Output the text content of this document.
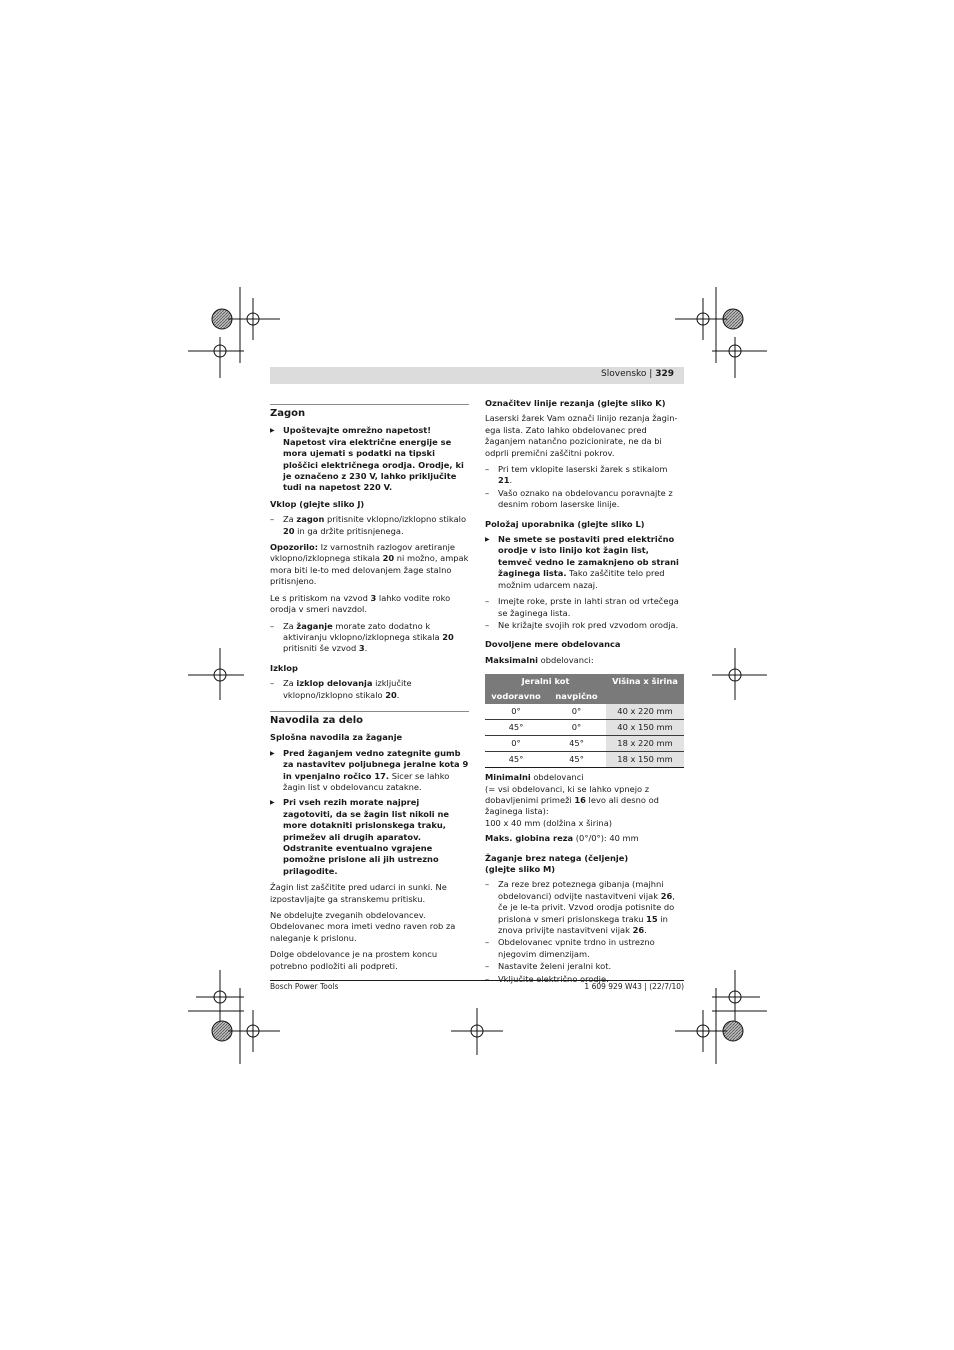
Slovensko | 329
Zagon
▶ Upoštevajte omrežno napetost! Napetost vira električne energije se mora ujemati s podatki na tipski ploščici električnega orodja. Orodje, ki je označeno z 230 V, lahko priključite tudi na napetost 220 V.
Vklop (glejte sliko J)
– Za zagon pritisnite vklopno/izklopno stikalo 20 in ga držite pritisnjenega.

Opozorilo: Iz varnostnih razlogov aretiranje vklopno/izklopnega stikala 20 ni možno, ampak mora biti le-to med delovanjem žage stalno pritisnjeno.

Le s pritiskom na vzvod 3 lahko vodite roko orodja v smeri navzdol.

– Za žaganje morate zato dodatno k aktiviranju vklopno/izklopnega stikala 20 pritisniti še vzvod 3.
Izklop
– Za izklop delovanja izključite vklopno/izklopno stikalo 20.
Navodila za delo
Splošna navodila za žaganje
▶ Pred žaganjem vedno zategnite gumb za nastavitev poljubnega jeralne kota 9 in vpenjalno ročico 17. Sicer se lahko žagin list v obdelovancu zatakne.
▶ Pri vseh rezih morate najprej zagotoviti, da se žagin list nikoli ne more dotakniti prislonskega traku, primežev ali drugih aparatov. Odstranite eventualno vgrajene pomožne prislone ali jih ustrezno prilagodite.

Žagin list zaščitite pred udarci in sunki. Ne izpostavljajte ga stranskemu pritisku.

Ne obdelujte zveganih obdelovancev. Obdelovanec mora imeti vedno raven rob za naleganje k prislonu.

Dolge obdelovance je na prostem koncu potrebno podložiti ali podpreti.

Označitev linije rezanja (glejte sliko K)

Laserski žarek Vam označi linijo rezanja žaginega lista. Zato lahko obdelovanec pred žaganjem natančno pozicionirate, ne da bi odprli premični zaščitni pokrov.

– Pri tem vklopite laserski žarek s stikalom 21.
– Vašo oznako na obdelovancu poravnajte z desnim robom laserske linije.
Položaj uporabnika (glejte sliko L)
▶ Ne smete se postaviti pred električno orodje v isto linijo kot žagin list, temveč vedno le zamaknjeno ob strani žaginega lista. Tako zaščitite telo pred možnim udarcem nazaj.
– Imejte roke, prste in lahti stran od vrtečega se žaginega lista.
– Ne križajte svojih rok pred vzvodom orodja.
Dovoljene mere obdelovanca

Maksimalni obdelovanci:

Jeralni kot		Višina x širina
vodoravno	navpično	
0°	0°	40 x 220 mm
45°	0°	40 x 150 mm
0°	45°	18 x 220 mm
45°	45°	18 x 150 mm

Minimalni obdelovanci
(= vsi obdelovanci, ki se lahko vpnejo z dobavljenimi primeži 16 levo ali desno od žaginega lista):
100 x 40 mm (dolžina x širina)

Maks. globina reza (0°/0°): 40 mm

Žaganje brez nategа (čeljenje)
(glejte sliko M)
– Za reze brez poteznega gibanja (majhni obdelovanci) odvijte nastavitveni vijak 26, če je le-ta privit. Vzvod orodja potisnite do prislona v smeri prislonskega traku 15 in znova privijte nastavitveni vijak 26.
– Obdelovanec vpnite trdno in ustrezno njegovim dimenzijam.
– Nastavite želeni jeralni kot.
– Vključite električno orodje.
Bosch Power Tools	1 609 929 W43 | (22/7/10)
